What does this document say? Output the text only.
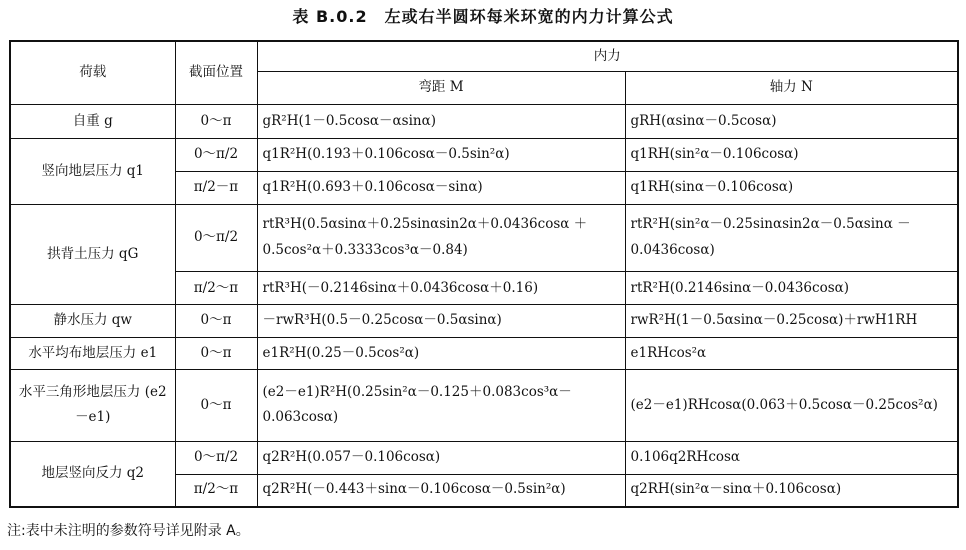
表 B.0.2　左或右半圆环每米环宽的内力计算公式
荷载	截面位置	内力	
		弯距 M	轴力 N
自重 g	0～π	gR²H(1－0.5cosα－αsinα)	gRH(αsinα－0.5cosα)
竖向地层压力 q1	0～π/2	q1R²H(0.193＋0.106cosα－0.5sin²α)	q1RH(sin²α－0.106cosα)
	π/2－π	q1R²H(0.693＋0.106cosα－sinα)	q1RH(sinα－0.106cosα)
拱背土压力 qG	0～π/2	rtR³H(0.5αsinα＋0.25sinαsin2α＋0.0436cosα ＋0.5cos²α＋0.3333cos³α－0.84)	rtR²H(sin²α－0.25sinαsin2α－0.5αsinα －0.0436cosα)
	π/2～π	rtR³H(－0.2146sinα＋0.0436cosα＋0.16)	rtR²H(0.2146sinα－0.0436cosα)
静水压力 qw	0～π	－rwR³H(0.5－0.25cosα－0.5αsinα)	rwR²H(1－0.5αsinα－0.25cosα)＋rwH1RH
水平均布地层压力 e1	0～π	e1R²H(0.25－0.5cos²α)	e1RHcos²α
水平三角形地层压力 (e2－e1)	0～π	(e2－e1)R²H(0.25sin²α－0.125＋0.083cos³α－ 0.063cosα)	(e2－e1)RHcosα(0.063＋0.5cosα－0.25cos²α)
地层竖向反力 q2	0～π/2	q2R²H(0.057－0.106cosα)	0.106q2RHcosα
	π/2～π	q2R²H(－0.443＋sinα－0.106cosα－0.5sin²α)	q2RH(sin²α－sinα＋0.106cosα)
注:表中未注明的参数符号详见附录 A。
